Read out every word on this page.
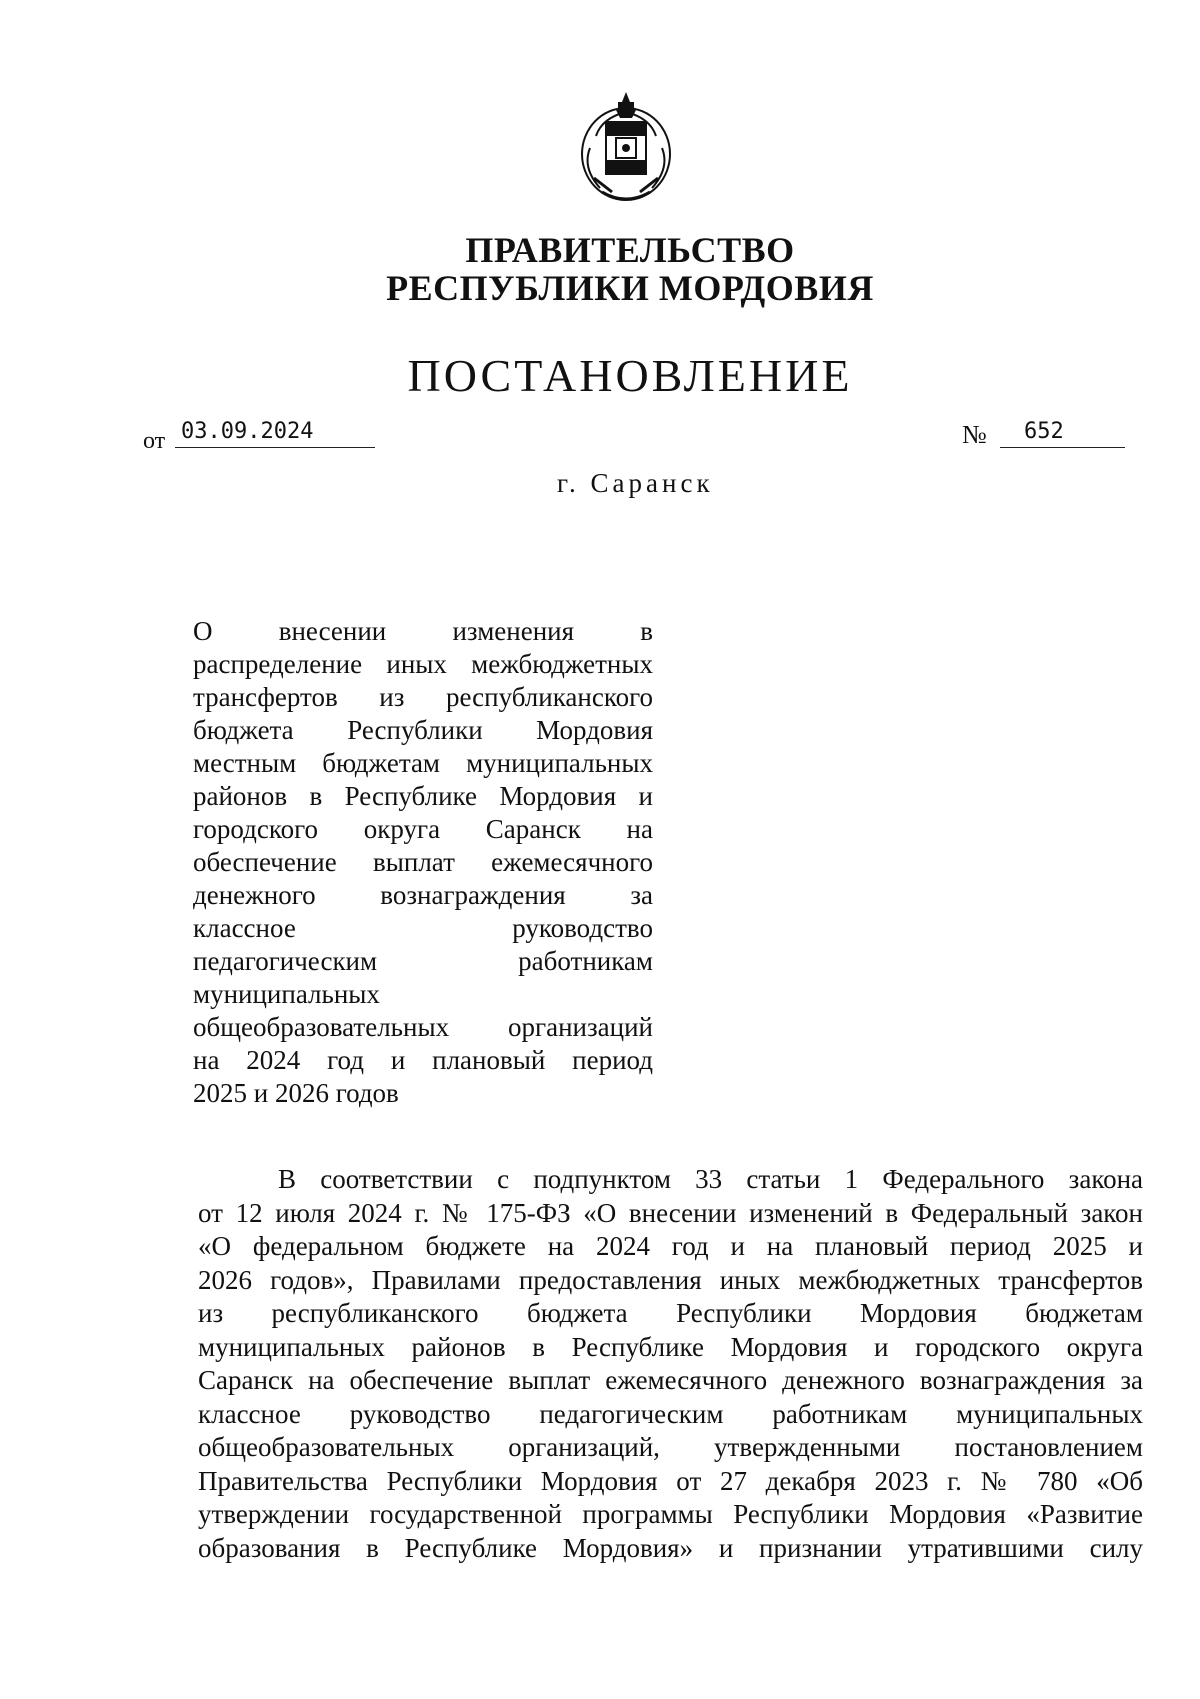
ПРАВИТЕЛЬСТВО
РЕСПУБЛИКИ МОРДОВИЯ
ПОСТАНОВЛЕНИЕ
от 03.09.2024	№	652
г. Саранск
О внесении изменения в
распределение иных межбюджетных
трансфертов из республиканского
бюджета Республики Мордовия
местным бюджетам муниципальных
районов в Республике Мордовия и
городского округа Саранск на
обеспечение выплат ежемесячного
денежного вознаграждения за
классное руководство
педагогическим работникам
муниципальных
общеобразовательных организаций
на 2024 год и плановый период
2025 и 2026 годов
В соответствии с подпунктом 33 статьи 1 Федерального закона
от 12 июля 2024 г. № 175-ФЗ «О внесении изменений в Федеральный закон
«О федеральном бюджете на 2024 год и на плановый период 2025 и
2026 годов», Правилами предоставления иных межбюджетных трансфертов
из республиканского бюджета Республики Мордовия бюджетам
муниципальных районов в Республике Мордовия и городского округа
Саранск на обеспечение выплат ежемесячного денежного вознаграждения за
классное руководство педагогическим работникам муниципальных
общеобразовательных организаций, утвержденными постановлением
Правительства Республики Мордовия от 27 декабря 2023 г. № 780 «Об
утверждении государственной программы Республики Мордовия «Развитие
образования в Республике Мордовия» и признании утратившими силу
